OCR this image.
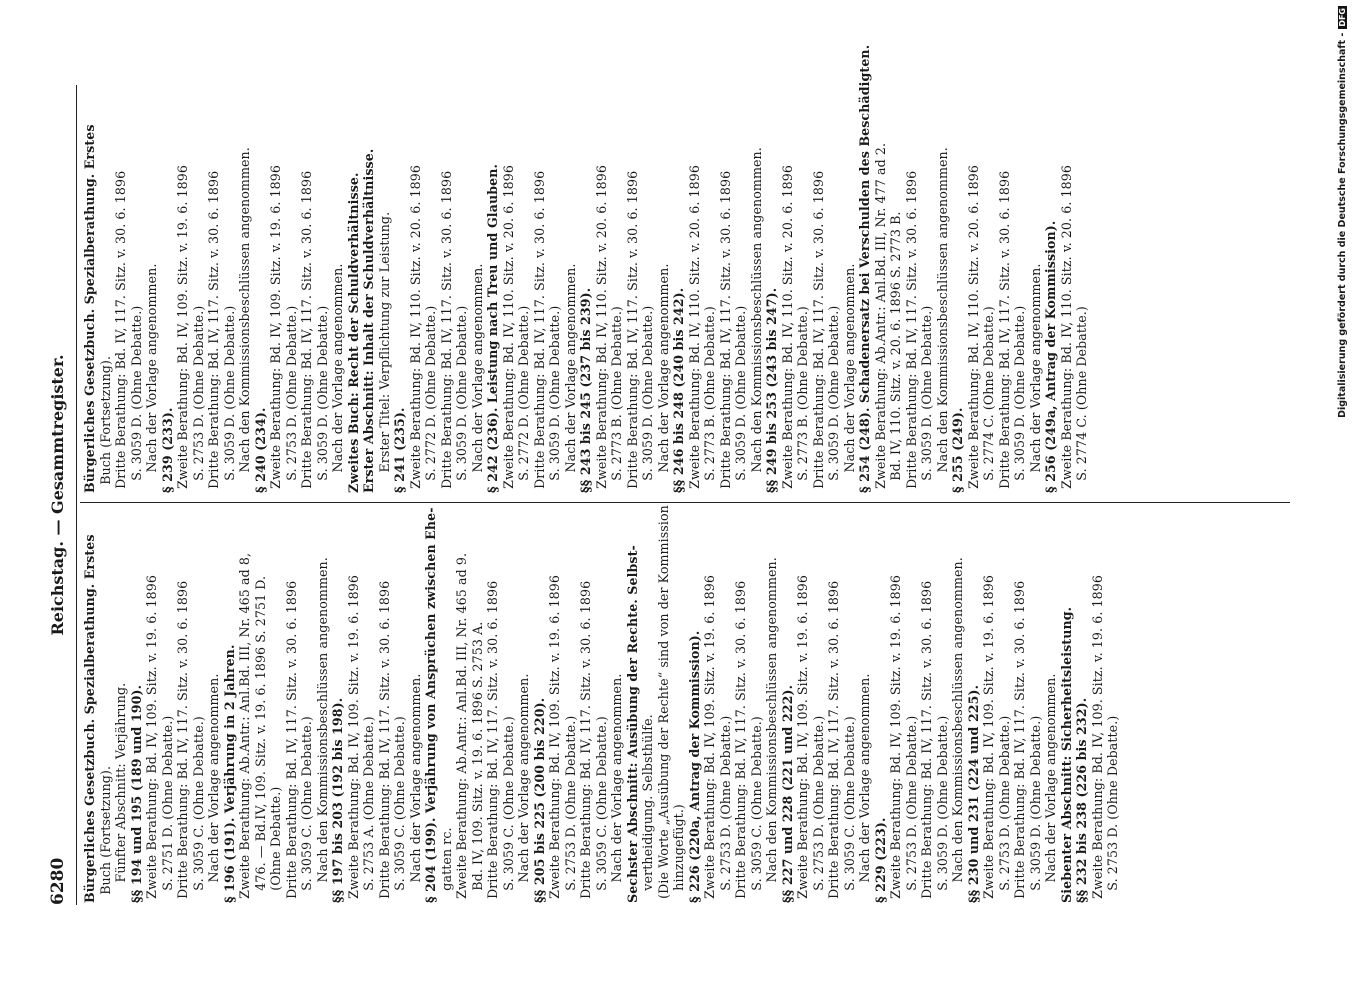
6280
Reichstag. — Gesammtregister.
Bürgerliches Gesetzbuch. Spezialberathung. Erstes Buch (Fortsetzung). Fünfter Abschnitt: Verjährung. §§ 194 und 195 (189 und 190). Zweite Berathung: Bd. IV, 109. Sitz. v. 19. 6. 1896 S. 2751 D. (Ohne Debatte.) Dritte Berathung: Bd. IV, 117. Sitz. v. 30. 6. 1896 S. 3059 C. (Ohne Debatte.) Nach der Vorlage angenommen. § 196 (191). Verjährung in 2 Jahren. Zweite Berathung: Ab.Antr.: Anl.Bd. III, Nr. 465 ad 8, 476. — Bd.IV, 109. Sitz. v. 19. 6. 1896 S. 2751 D. (Ohne Debatte.) Dritte Berathung: Bd. IV, 117. Sitz. v. 30. 6. 1896 S. 3059 C. (Ohne Debatte.) Nach den Kommissionsbeschlüssen angenommen. §§ 197 bis 203 (192 bis 198). Zweite Berathung: Bd. IV, 109. Sitz. v. 19. 6. 1896 S. 2753 A. (Ohne Debatte.) Dritte Berathung: Bd. IV, 117. Sitz. v. 30. 6. 1896 S. 3059 C. (Ohne Debatte.) Nach der Vorlage angenommen. § 204 (199). Verjährung von Ansprüchen zwischen Ehe- gatten rc. Zweite Berathung: Ab.Antr.: Anl.Bd. III, Nr. 465 ad 9. Bd. IV, 109. Sitz. v. 19. 6. 1896 S. 2753 A. Dritte Berathung: Bd. IV, 117. Sitz. v. 30. 6. 1896 S. 3059 C. (Ohne Debatte.) Nach der Vorlage angenommen. §§ 205 bis 225 (200 bis 220). Zweite Berathung: Bd. IV, 109. Sitz. v. 19. 6. 1896 S. 2753 D. (Ohne Debatte.) Dritte Berathung: Bd. IV, 117. Sitz. v. 30. 6. 1896 S. 3059 C. (Ohne Debatte.) Nach der Vorlage angenommen. Sechster Abschnitt: Ausübung der Rechte. Selbst- vertheidigung. Selbsthülfe. (Die Worte „Ausübung der Rechte“ sind von der Kommission hinzugefügt.) § 226 (220a, Antrag der Kommission). Zweite Berathung: Bd. IV, 109. Sitz. v. 19. 6. 1896 S. 2753 D. (Ohne Debatte.) Dritte Berathung: Bd. IV, 117. Sitz. v. 30. 6. 1896 S. 3059 C. (Ohne Debatte.) Nach den Kommissionsbeschlüssen angenommen. §§ 227 und 228 (221 und 222). Zweite Berathung: Bd. IV, 109. Sitz. v. 19. 6. 1896 S. 2753 D. (Ohne Debatte.) Dritte Berathung: Bd. IV, 117. Sitz. v. 30. 6. 1896 S. 3059 C. (Ohne Debatte.) Nach der Vorlage angenommen. § 229 (223). Zweite Berathung: Bd. IV, 109. Sitz. v. 19. 6. 1896 S. 2753 D. (Ohne Debatte.) Dritte Berathung: Bd. IV, 117. Sitz. v. 30. 6. 1896 S. 3059 D. (Ohne Debatte.) Nach den Kommissionsbeschlüssen angenommen. §§ 230 und 231 (224 und 225). Zweite Berathung: Bd. IV, 109. Sitz. v. 19. 6. 1896 S. 2753 D. (Ohne Debatte.) Dritte Berathung: Bd. IV, 117. Sitz. v. 30. 6. 1896 S. 3059 D. (Ohne Debatte.) Nach der Vorlage angenommen. Siebenter Abschnitt: Sicherheitsleistung. §§ 232 bis 238 (226 bis 232). Zweite Berathung: Bd. IV, 109. Sitz. v. 19. 6. 1896 S. 2753 D. (Ohne Debatte.)
Bürgerliches Gesetzbuch. Spezialberathung. Erstes Buch (Fortsetzung). Dritte Berathung: Bd. IV, 117. Sitz. v. 30. 6. 1896 S. 3059 D. (Ohne Debatte.) Nach der Vorlage angenommen. § 239 (233). Zweite Berathung: Bd. IV, 109. Sitz. v. 19. 6. 1896 S. 2753 D. (Ohne Debatte.) Dritte Berathung: Bd. IV, 117. Sitz. v. 30. 6. 1896 S. 3059 D. (Ohne Debatte.) Nach den Kommissionsbeschlüssen angenommen. § 240 (234). Zweite Berathung: Bd. IV, 109. Sitz. v. 19. 6. 1896 S. 2753 D. (Ohne Debatte.) Dritte Berathung: Bd. IV, 117. Sitz. v. 30. 6. 1896 S. 3059 D. (Ohne Debatte.) Nach der Vorlage angenommen. Zweites Buch: Recht der Schuldverhältnisse. Erster Abschnitt: Inhalt der Schuldverhältnisse. Erster Titel: Verpflichtung zur Leistung. § 241 (235). Zweite Berathung: Bd. IV, 110. Sitz. v. 20. 6. 1896 S. 2772 D. (Ohne Debatte.) Dritte Berathung: Bd. IV, 117. Sitz. v. 30. 6. 1896 S. 3059 D. (Ohne Debatte.) Nach der Vorlage angenommen. § 242 (236). Leistung nach Treu und Glauben. Zweite Berathung: Bd. IV, 110. Sitz. v. 20. 6. 1896 S. 2772 D. (Ohne Debatte.) Dritte Berathung: Bd. IV, 117. Sitz. v. 30. 6. 1896 S. 3059 D. (Ohne Debatte.) Nach der Vorlage angenommen. §§ 243 bis 245 (237 bis 239). Zweite Berathung: Bd. IV, 110. Sitz. v. 20. 6. 1896 S. 2773 B. (Ohne Debatte.) Dritte Berathung: Bd. IV, 117. Sitz. v. 30. 6. 1896 S. 3059 D. (Ohne Debatte.) Nach der Vorlage angenommen. §§ 246 bis 248 (240 bis 242). Zweite Berathung: Bd. IV, 110. Sitz. v. 20. 6. 1896 S. 2773 B. (Ohne Debatte.) Dritte Berathung: Bd. IV, 117. Sitz. v. 30. 6. 1896 S. 3059 D. (Ohne Debatte.) Nach den Kommissionsbeschlüssen angenommen. §§ 249 bis 253 (243 bis 247). Zweite Berathung: Bd. IV, 110. Sitz. v. 20. 6. 1896 S. 2773 B. (Ohne Debatte.) Dritte Berathung: Bd. IV, 117. Sitz. v. 30. 6. 1896 S. 3059 D. (Ohne Debatte.) Nach der Vorlage angenommen. § 254 (248). Schadenersatz bei Verschulden des Beschädigten. Zweite Berathung: Ab.Antr.: Anl.Bd. III, Nr. 477 ad 2. Bd. IV, 110. Sitz. v. 20. 6. 1896 S. 2773 B. Dritte Berathung: Bd. IV, 117. Sitz. v. 30. 6. 1896 S. 3059 D. (Ohne Debatte.) Nach den Kommissionsbeschlüssen angenommen. § 255 (249). Zweite Berathung: Bd. IV, 110. Sitz. v. 20. 6. 1896 S. 2774 C. (Ohne Debatte.) Dritte Berathung: Bd. IV, 117. Sitz. v. 30. 6. 1896 S. 3059 D. (Ohne Debatte.) Nach der Vorlage angenommen. § 256 (249a, Antrag der Kommission). Zweite Berathung: Bd. IV, 110. Sitz. v. 20. 6. 1896 S. 2774 C. (Ohne Debatte.)	Digitalisierung gefördert durch die Deutsche Forschungsgemeinschaft -DFG
